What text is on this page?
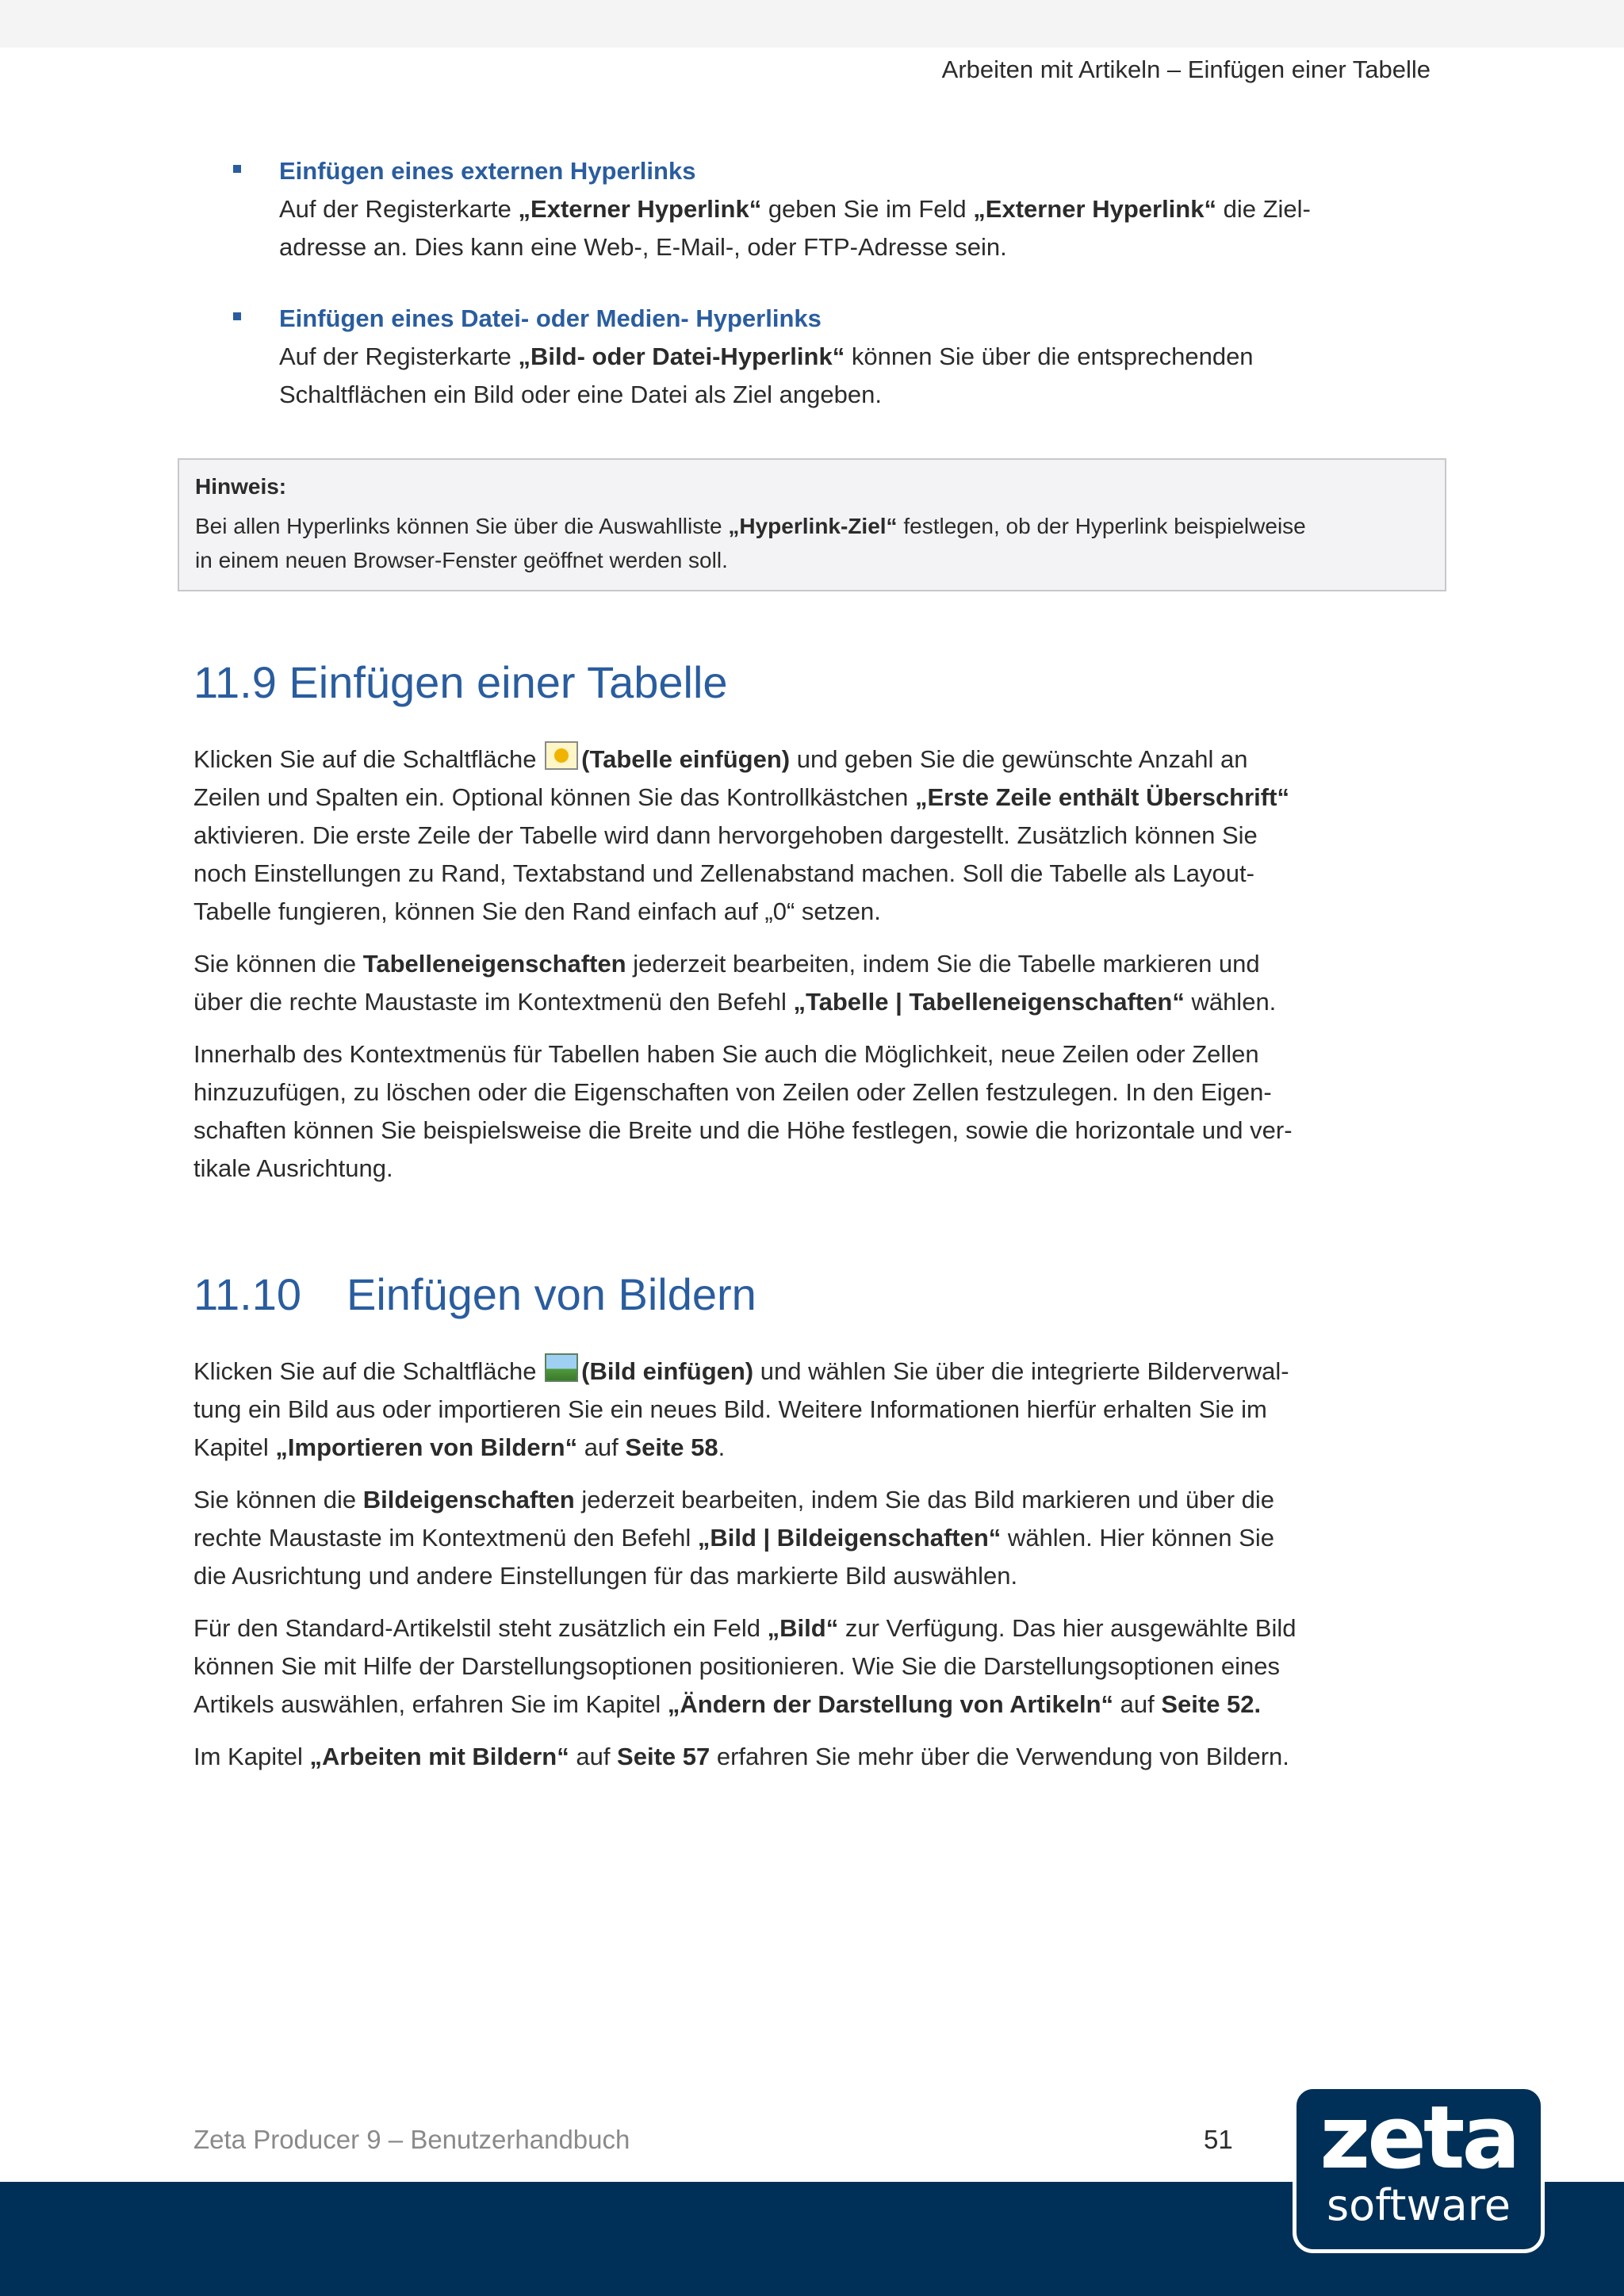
Arbeiten mit Artikeln – Einfügen einer Tabelle
Einfügen eines externen Hyperlinks
Auf der Registerkarte „Externer Hyperlink“ geben Sie im Feld „Externer Hyperlink“ die Ziel-
adresse an. Dies kann eine Web-, E-Mail-, oder FTP-Adresse sein.
Einfügen eines Datei- oder Medien- Hyperlinks
Auf der Registerkarte „Bild- oder Datei-Hyperlink“ können Sie über die entsprechenden
Schaltflächen ein Bild oder eine Datei als Ziel angeben.
Hinweis:
Bei allen Hyperlinks können Sie über die Auswahlliste „Hyperlink-Ziel“ festlegen, ob der Hyperlink beispielweise
in einem neuen Browser-Fenster geöffnet werden soll.
11.9 Einfügen einer Tabelle

Klicken Sie auf die Schaltfläche
(Tabelle einfügen) und geben Sie die gewünschte Anzahl an
Zeilen und Spalten ein. Optional können Sie das Kontrollkästchen „Erste Zeile enthält Überschrift“
aktivieren. Die erste Zeile der Tabelle wird dann hervorgehoben dargestellt. Zusätzlich können Sie
noch Einstellungen zu Rand, Textabstand und Zellenabstand machen. Soll die Tabelle als Layout-
Tabelle fungieren, können Sie den Rand einfach auf „0“ setzen.

Sie können die Tabelleneigenschaften jederzeit bearbeiten, indem Sie die Tabelle markieren und
über die rechte Maustaste im Kontextmenü den Befehl „Tabelle | Tabelleneigenschaften“ wählen.

Innerhalb des Kontextmenüs für Tabellen haben Sie auch die Möglichkeit, neue Zeilen oder Zellen
hinzuzufügen, zu löschen oder die Eigenschaften von Zeilen oder Zellen festzulegen. In den Eigen-
schaften können Sie beispielsweise die Breite und die Höhe festlegen, sowie die horizontale und ver-
tikale Ausrichtung.

11.10 Einfügen von Bildern

Klicken Sie auf die Schaltfläche (Bild einfügen) und wählen Sie über die integrierte Bilderverwal-
tung ein Bild aus oder importieren Sie ein neues Bild. Weitere Informationen hierfür erhalten Sie im
Kapitel „Importieren von Bildern“ auf Seite 58.

Sie können die Bildeigenschaften jederzeit bearbeiten, indem Sie das Bild markieren und über die
rechte Maustaste im Kontextmenü den Befehl „Bild | Bildeigenschaften“ wählen. Hier können Sie
die Ausrichtung und andere Einstellungen für das markierte Bild auswählen.

Für den Standard-Artikelstil steht zusätzlich ein Feld „Bild“ zur Verfügung. Das hier ausgewählte Bild
können Sie mit Hilfe der Darstellungsoptionen positionieren. Wie Sie die Darstellungsoptionen eines
Artikels auswählen, erfahren Sie im Kapitel „Ändern der Darstellung von Artikeln“ auf Seite 52.

Im Kapitel „Arbeiten mit Bildern“ auf Seite 57 erfahren Sie mehr über die Verwendung von Bildern.

Zeta Producer 9 – Benutzerhandbuch	51 zeta
software
